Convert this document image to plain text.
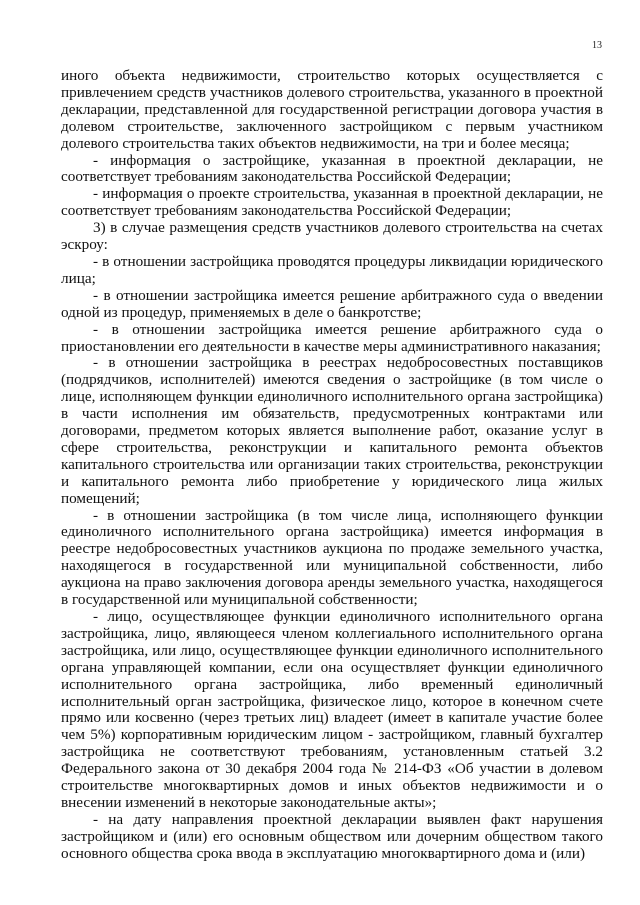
13

иного объекта недвижимости, строительство которых осуществляется с привлечением средств участников долевого строительства, указанного в проектной декларации, представленной для государственной регистрации договора участия в долевом строительстве, заключенного застройщиком с первым участником долевого строительства таких объектов недвижимости, на три и более месяца;

- информация о застройщике, указанная в проектной декларации, не соответствует требованиям законодательства Российской Федерации;

- информация о проекте строительства, указанная в проектной декларации, не соответствует требованиям законодательства Российской Федерации;

3) в случае размещения средств участников долевого строительства на счетах эскроу:

- в отношении застройщика проводятся процедуры ликвидации юридического лица;

- в отношении застройщика имеется решение арбитражного суда о введении одной из процедур, применяемых в деле о банкротстве;

- в отношении застройщика имеется решение арбитражного суда о приостановлении его деятельности в качестве меры административного наказания;

- в отношении застройщика в реестрах недобросовестных поставщиков (подрядчиков, исполнителей) имеются сведения о застройщике (в том числе о лице, исполняющем функции единоличного исполнительного органа застройщика) в части исполнения им обязательств, предусмотренных контрактами или договорами, предметом которых является выполнение работ, оказание услуг в сфере строительства, реконструкции и капитального ремонта объектов капитального строительства или организации таких строительства, реконструкции и капитального ремонта либо приобретение у юридического лица жилых помещений;

- в отношении застройщика (в том числе лица, исполняющего функции единоличного исполнительного органа застройщика) имеется информация в реестре недобросовестных участников аукциона по продаже земельного участка, находящегося в государственной или муниципальной собственности, либо аукциона на право заключения договора аренды земельного участка, находящегося в государственной или муниципальной собственности;

- лицо, осуществляющее функции единоличного исполнительного органа застройщика, лицо, являющееся членом коллегиального исполнительного органа застройщика, или лицо, осуществляющее функции единоличного исполнительного органа управляющей компании, если она осуществляет функции единоличного исполнительного органа застройщика, либо временный единоличный исполнительный орган застройщика, физическое лицо, которое в конечном счете прямо или косвенно (через третьих лиц) владеет (имеет в капитале участие более чем 5%) корпоративным юридическим лицом - застройщиком, главный бухгалтер застройщика не соответствуют требованиям, установленным статьей 3.2 Федерального закона от 30 декабря 2004 года № 214-ФЗ «Об участии в долевом строительстве многоквартирных домов и иных объектов недвижимости и о внесении изменений в некоторые законодательные акты»;

- на дату направления проектной декларации выявлен факт нарушения застройщиком и (или) его основным обществом или дочерним обществом такого основного общества срока ввода в эксплуатацию многоквартирного дома и (или)
